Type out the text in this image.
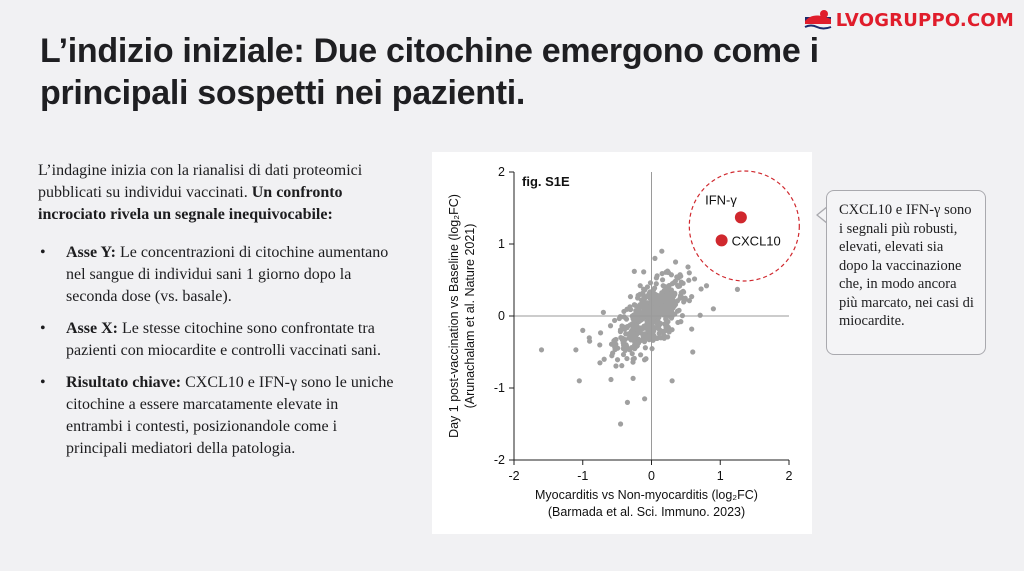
LVOGRUPPO.COM
L’indizio iniziale: Due citochine emergono come i principali sospetti nei pazienti.
L’indagine inizia con la rianalisi di dati proteomici pubblicati su individui vaccinati. Un confronto incrociato rivela un segnale inequivocabile:
• Asse Y: Le concentrazioni di citochine aumentano nel sangue di individui sani 1 giorno dopo la seconda dose (vs. basale).
• Asse X: Le stesse citochine sono confrontate tra pazienti con miocardite e controlli vaccinati sani.
• Risultato chiave: CXCL10 e IFN-γ sono le uniche citochine a essere marcatamente elevate in entrambi i contesti, posizionandole come i principali mediatori della patologia.
-2	-1	0	1	2
2
1
0
-1
-2
fig. S1E
IFN-γ
CXCL10
Day 1 post-vaccination vs Baseline (log₂FC) (Arunachalam et al. Nature 2021)
Myocarditis vs Non-myocarditis (log₂FC)
(Barmada et al. Sci. Immuno. 2023)
CXCL10 e IFN-γ sono i segnali più robusti, elevati, elevati sia dopo la vaccinazione che, in modo ancora più marcato, nei casi di miocardite.
